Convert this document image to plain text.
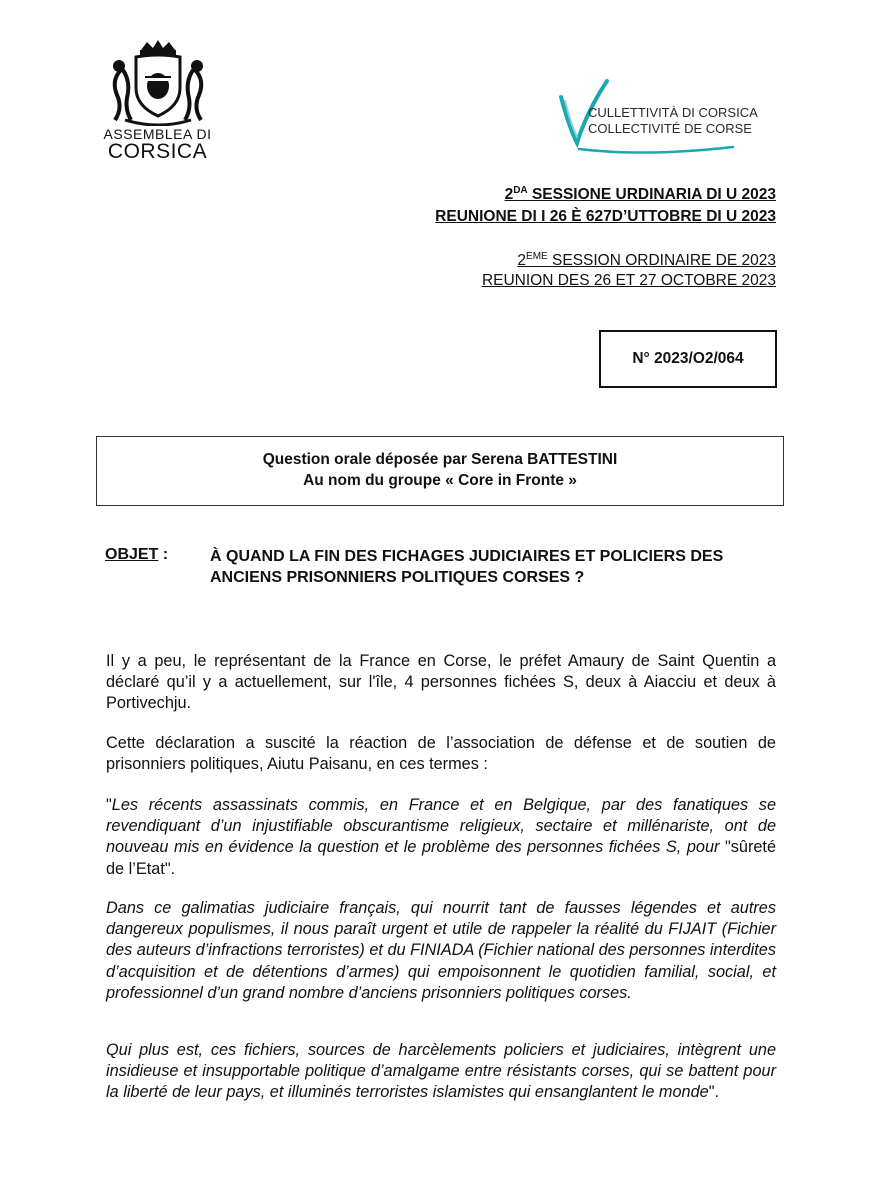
ASSEMBLEA DI
CORSICA
CULLETTIVITÀ DI CORSICA
COLLECTIVITÉ DE CORSE
$2^{DA}$ SESSIONE URDINARIA DI U 2023
REUNIONE DI I 26 È 627D’UTTOBRE DI U 2023
2EME SESSION ORDINAIRE DE 2023
REUNION DES 26 ET 27 OCTOBRE 2023
N° 2023/O2/064
Question orale déposée par Serena BATTESTINI
Au nom du groupe « Core in Fronte »
OBJET :	À QUAND LA FIN DES FICHAGES JUDICIAIRES ET POLICIERS DES ANCIENS PRISONNIERS POLITIQUES CORSES ?
Il y a peu, le représentant de la France en Corse, le préfet Amaury de Saint Quentin a déclaré qu’il y a actuellement, sur l'île, 4 personnes fichées S, deux à Aiacciu et deux à Portivechju.
Cette déclaration a suscité la réaction de l’association de défense et de soutien de prisonniers politiques, Aiutu Paisanu, en ces termes :
"Les récents assassinats commis, en France et en Belgique, par des fanatiques se revendiquant d’un injustifiable obscurantisme religieux, sectaire et millénariste, ont de nouveau mis en évidence la question et le problème des personnes fichées S, pour "sûreté de l’Etat".
Dans ce galimatias judiciaire français, qui nourrit tant de fausses légendes et autres dangereux populismes, il nous paraît urgent et utile de rappeler la réalité du FIJAIT (Fichier des auteurs d’infractions terroristes) et du FINIADA (Fichier national des personnes interdites d’acquisition et de détentions d’armes) qui empoisonnent le quotidien familial, social, et professionnel d’un grand nombre d’anciens prisonniers politiques corses.
Qui plus est, ces fichiers, sources de harcèlements policiers et judiciaires, intègrent une insidieuse et insupportable politique d’amalgame entre résistants corses, qui se battent pour la liberté de leur pays, et illuminés terroristes islamistes qui ensanglantent le monde".
